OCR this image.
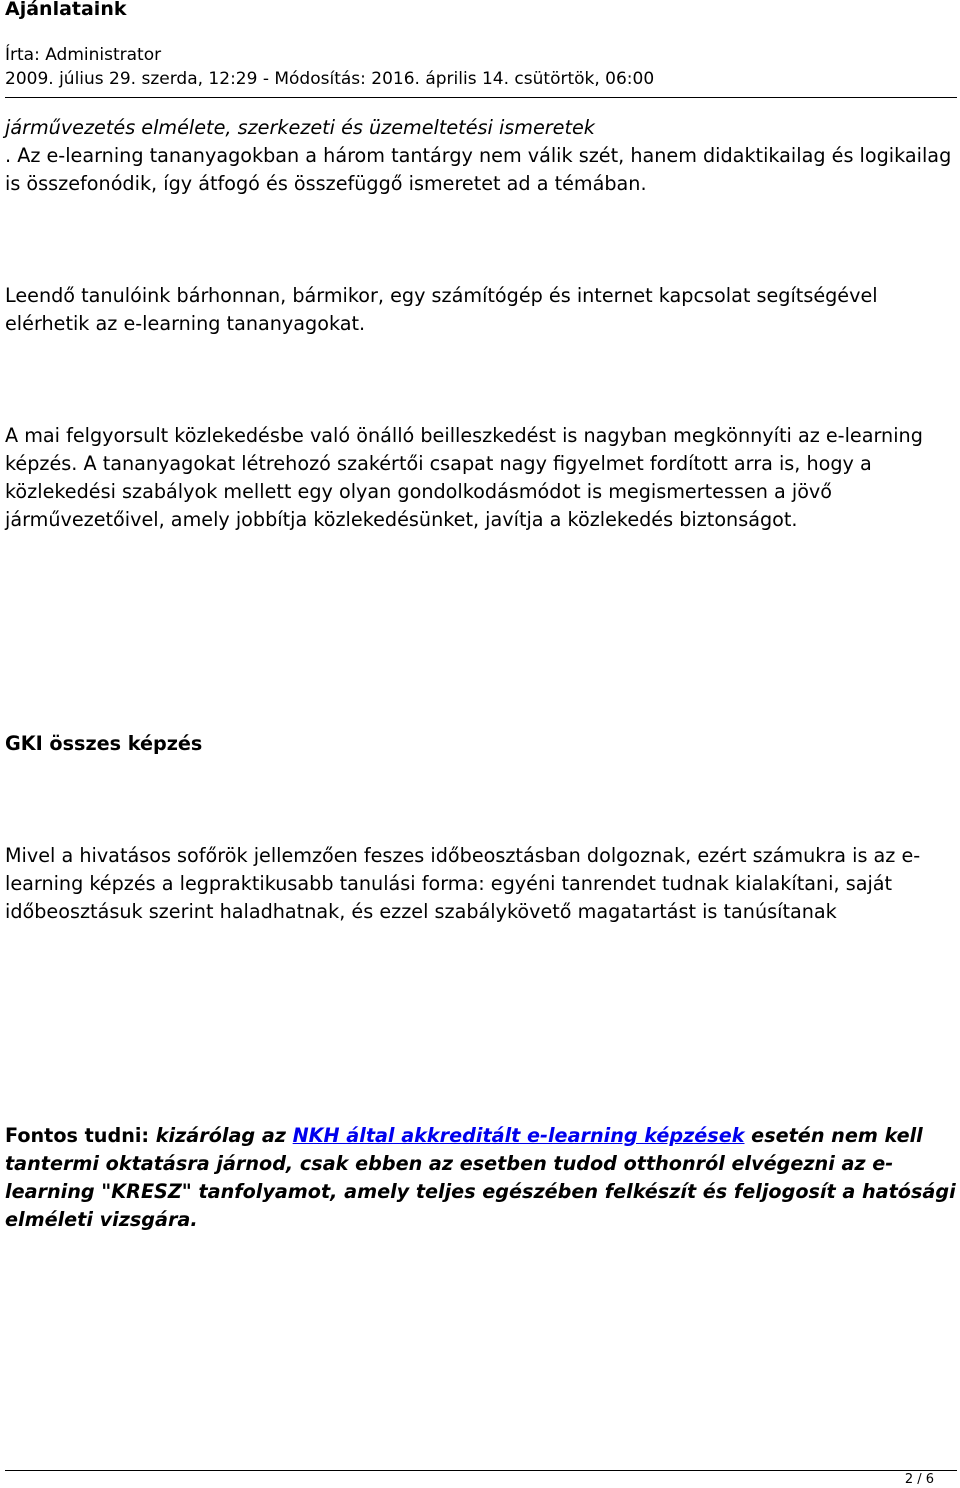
Ajánlataink
Írta: Administrator
2009. július 29. szerda, 12:29 - Módosítás: 2016. április 14. csütörtök, 06:00

járművezetés elmélete, szerkezeti és üzemeltetési ismeretek
. Az e-learning tananyagokban a három tantárgy nem válik szét, hanem didaktikailag és logikailag is összefonódik, így átfogó és összefüggő ismeretet ad a témában.

Leendő tanulóink bárhonnan, bármikor, egy számítógép és internet kapcsolat segítségével elérhetik az e-learning tananyagokat.

A mai felgyorsult közlekedésbe való önálló beilleszkedést is nagyban megkönnyíti az e-learning képzés. A tananyagokat létrehozó szakértői csapat nagy figyelmet fordított arra is, hogy a közlekedési szabályok mellett egy olyan gondolkodásmódot is megismertessen a jövő járművezetőivel, amely jobbítja közlekedésünket, javítja a közlekedés biztonságot.

GKI összes képzés

Mivel a hivatásos sofőrök jellemzően feszes időbeosztásban dolgoznak, ezért számukra is az e-learning képzés a legpraktikusabb tanulási forma: egyéni tanrendet tudnak kialakítani, saját időbeosztásuk szerint haladhatnak, és ezzel szabálykövető magatartást is tanúsítanak

Fontos tudni: kizárólag az NKH által akkreditált e-learning képzések esetén nem kell tantermi oktatásra járnod, csak ebben az esetben tudod otthonról elvégezni az e-learning "KRESZ" tanfolyamot, amely teljes egészében felkészít és feljogosít a hatósági elméleti vizsgára.

2 / 6
